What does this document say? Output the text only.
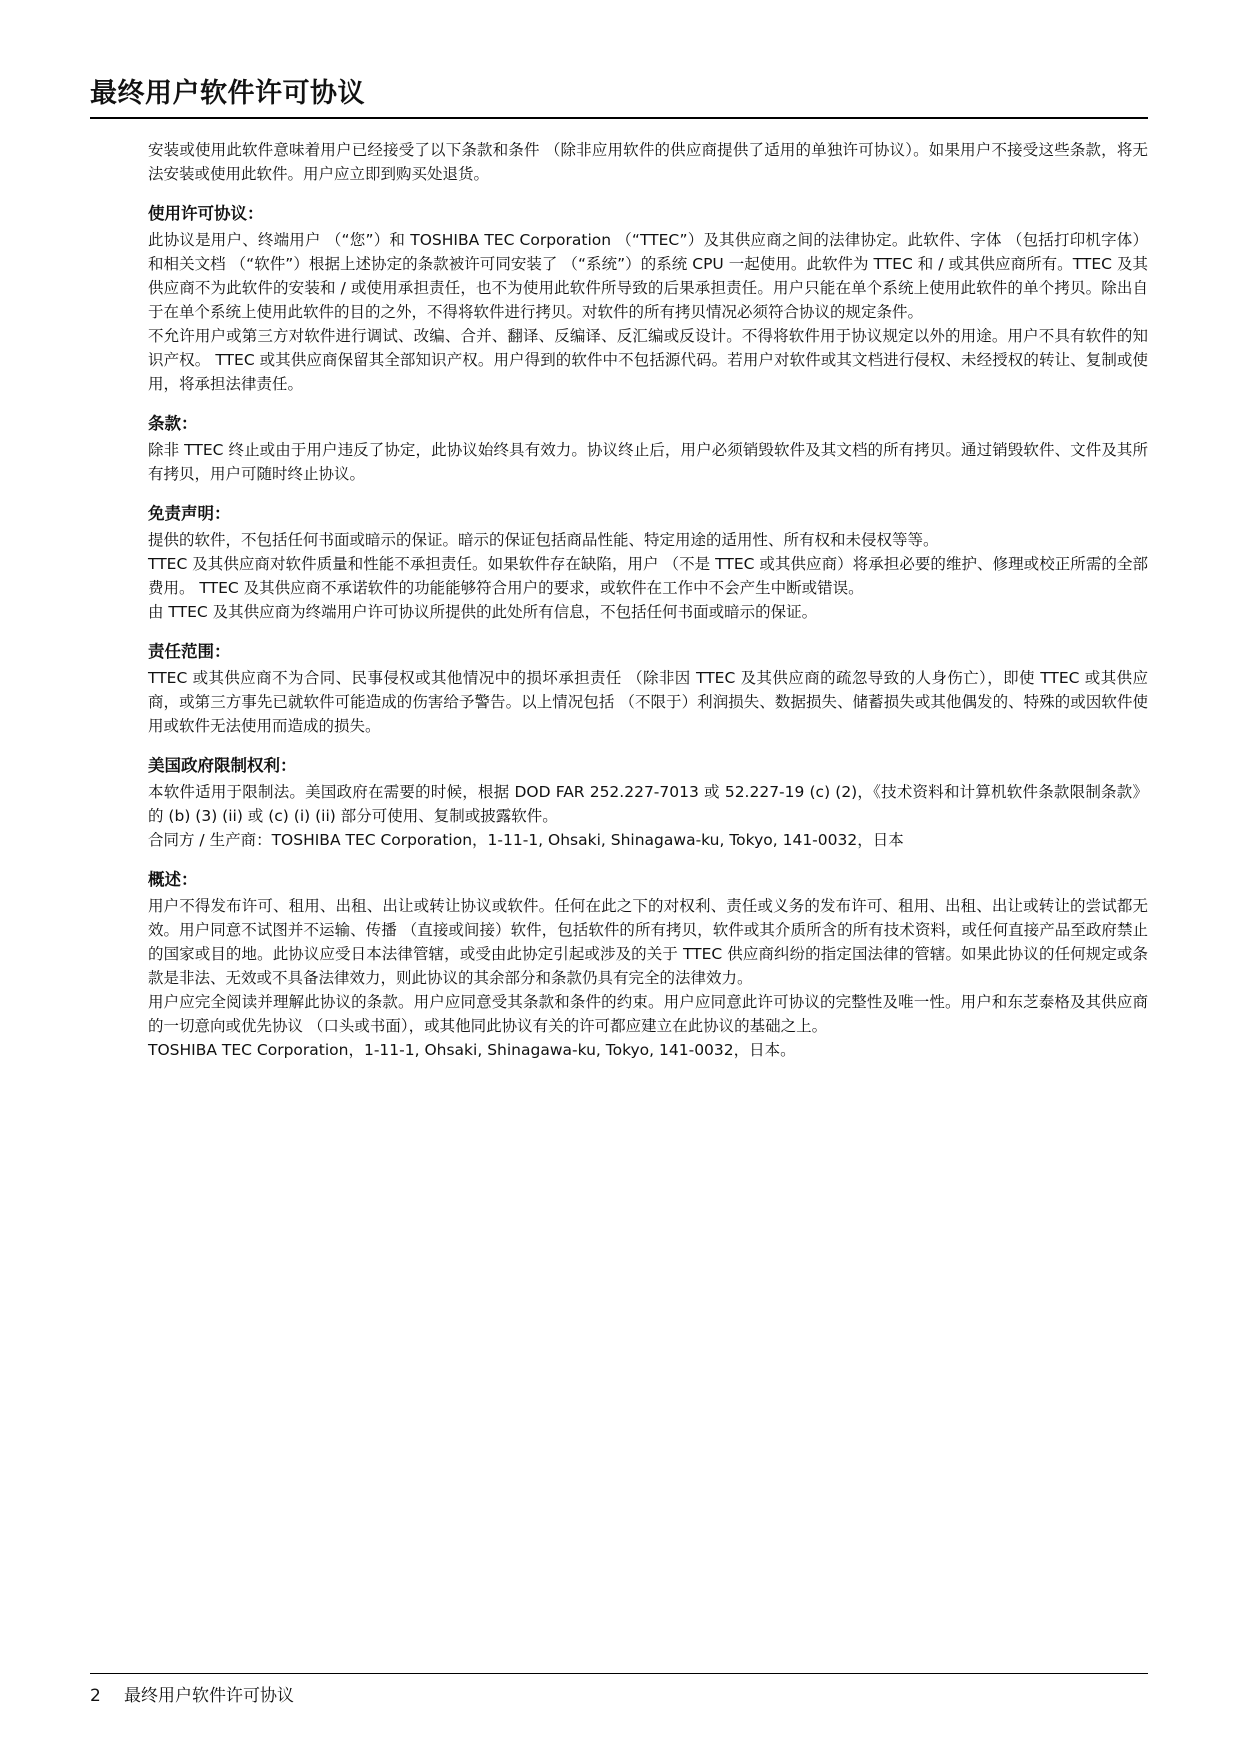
最终用户软件许可协议

安装或使用此软件意味着用户已经接受了以下条款和条件 （除非应用软件的供应商提供了适用的单独许可协议）。如果用户不接受这些条款，将无法安装或使用此软件。用户应立即到购买处退货。

使用许可协议：

此协议是用户、终端用户 （“您”）和 TOSHIBA TEC Corporation （“TTEC”）及其供应商之间的法律协定。此软件、字体 （包括打印机字体）和相关文档 （“软件”）根据上述协定的条款被许可同安装了 （“系统”）的系统 CPU 一起使用。此软件为 TTEC 和 / 或其供应商所有。TTEC 及其供应商不为此软件的安装和 / 或使用承担责任，也不为使用此软件所导致的后果承担责任。用户只能在单个系统上使用此软件的单个拷贝。除出自于在单个系统上使用此软件的目的之外，不得将软件进行拷贝。对软件的所有拷贝情况必须符合协议的规定条件。

不允许用户或第三方对软件进行调试、改编、合并、翻译、反编译、反汇编或反设计。不得将软件用于协议规定以外的用途。用户不具有软件的知识产权。 TTEC 或其供应商保留其全部知识产权。用户得到的软件中不包括源代码。若用户对软件或其文档进行侵权、未经授权的转让、复制或使用，将承担法律责任。

条款：

除非 TTEC 终止或由于用户违反了协定，此协议始终具有效力。协议终止后，用户必须销毁软件及其文档的所有拷贝。通过销毁软件、文件及其所有拷贝，用户可随时终止协议。

免责声明：

提供的软件，不包括任何书面或暗示的保证。暗示的保证包括商品性能、特定用途的适用性、所有权和未侵权等等。

TTEC 及其供应商对软件质量和性能不承担责任。如果软件存在缺陷，用户 （不是 TTEC 或其供应商）将承担必要的维护、修理或校正所需的全部费用。 TTEC 及其供应商不承诺软件的功能能够符合用户的要求，或软件在工作中不会产生中断或错误。

由 TTEC 及其供应商为终端用户许可协议所提供的此处所有信息，不包括任何书面或暗示的保证。

责任范围：

TTEC 或其供应商不为合同、民事侵权或其他情况中的损坏承担责任 （除非因 TTEC 及其供应商的疏忽导致的人身伤亡），即使 TTEC 或其供应商，或第三方事先已就软件可能造成的伤害给予警告。以上情况包括 （不限于）利润损失、数据损失、储蓄损失或其他偶发的、特殊的或因软件使用或软件无法使用而造成的损失。

美国政府限制权利：

本软件适用于限制法。美国政府在需要的时候，根据 DOD FAR 252.227-7013 或 52.227-19 (c) (2)，《技术资料和计算机软件条款限制条款》的 (b) (3) (ii) 或 (c) (i) (ii) 部分可使用、复制或披露软件。

合同方 / 生产商：TOSHIBA TEC Corporation，1-11-1, Ohsaki, Shinagawa-ku, Tokyo, 141-0032，日本

概述：

用户不得发布许可、租用、出租、出让或转让协议或软件。任何在此之下的对权利、责任或义务的发布许可、租用、出租、出让或转让的尝试都无效。用户同意不试图并不运输、传播 （直接或间接）软件，包括软件的所有拷贝，软件或其介质所含的所有技术资料，或任何直接产品至政府禁止的国家或目的地。此协议应受日本法律管辖，或受由此协定引起或涉及的关于 TTEC 供应商纠纷的指定国法律的管辖。如果此协议的任何规定或条款是非法、无效或不具备法律效力，则此协议的其余部分和条款仍具有完全的法律效力。

用户应完全阅读并理解此协议的条款。用户应同意受其条款和条件的约束。用户应同意此许可协议的完整性及唯一性。用户和东芝泰格及其供应商的一切意向或优先协议 （口头或书面），或其他同此协议有关的许可都应建立在此协议的基础之上。

TOSHIBA TEC Corporation，1-11-1, Ohsaki, Shinagawa-ku, Tokyo, 141-0032，日本。

2 最终用户软件许可协议
